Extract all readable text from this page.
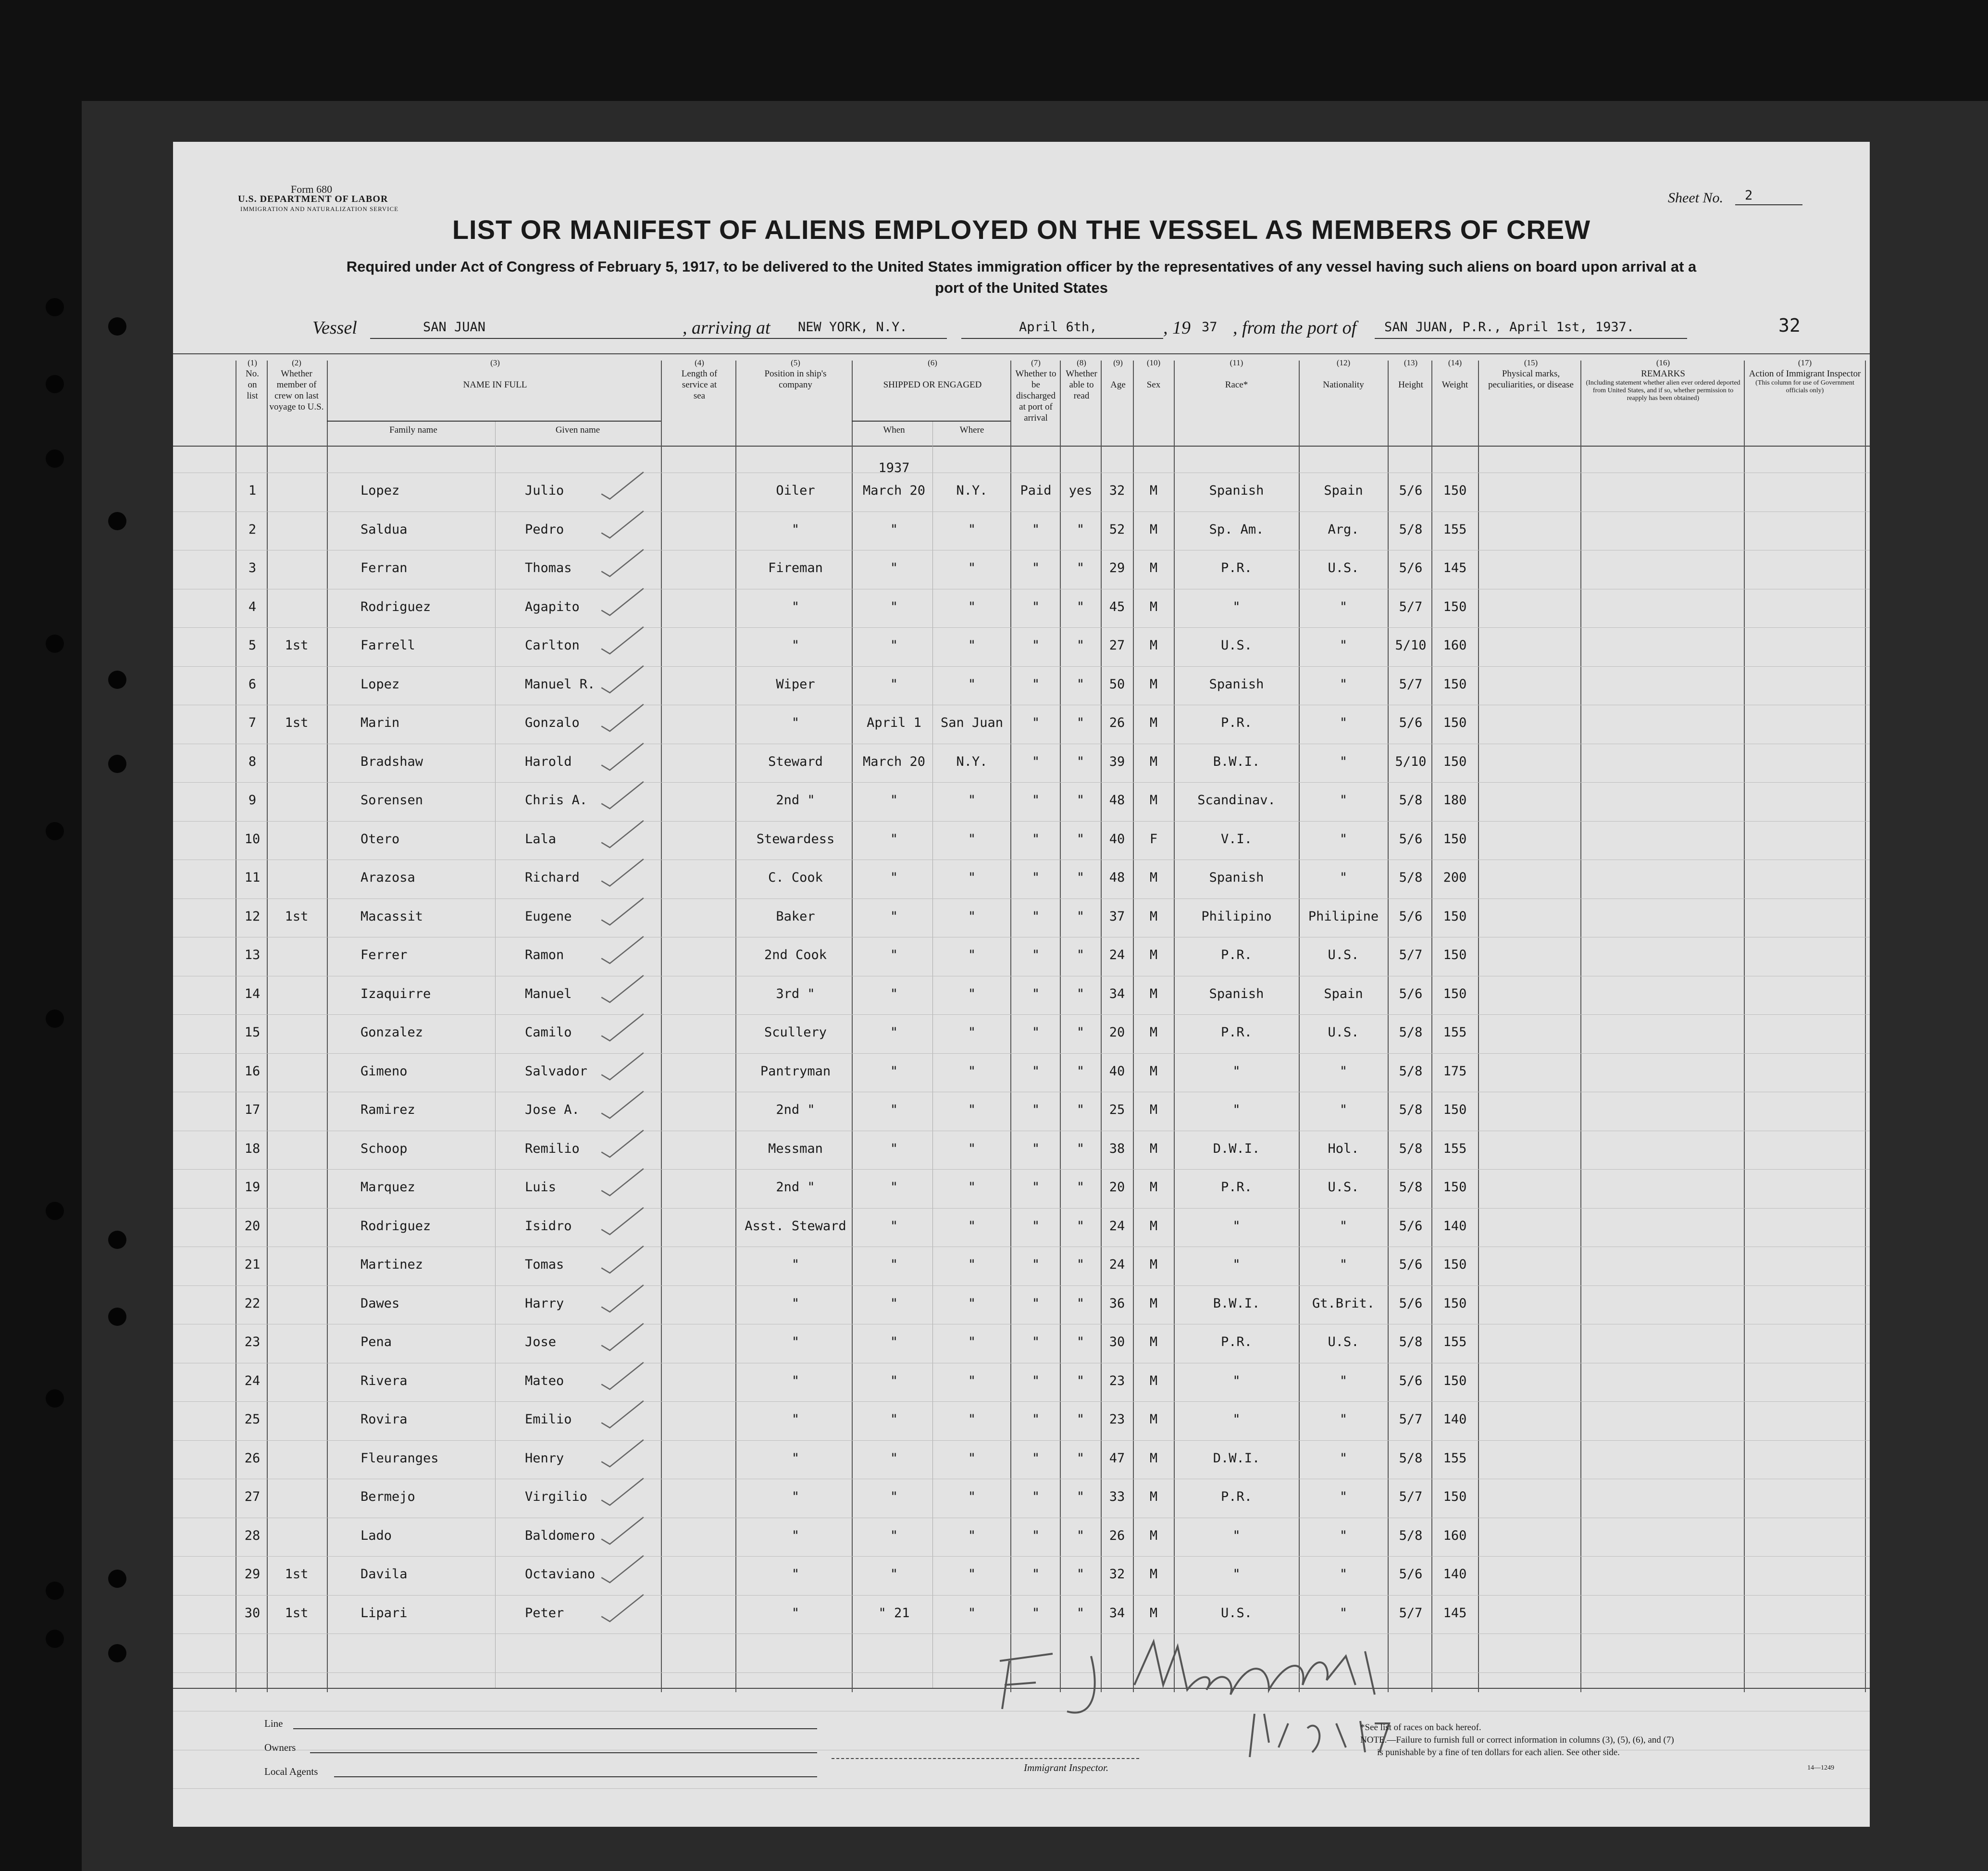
Form 680
U.S. DEPARTMENT OF LABOR
IMMIGRATION AND NATURALIZATION SERVICE
Sheet No. 2
LIST OR MANIFEST OF ALIENS EMPLOYED ON THE VESSEL AS MEMBERS OF CREW
Required under Act of Congress of February 5, 1917, to be delivered to the United States immigration officer by the representatives of any vessel having such aliens on board upon arrival at a
port of the United States
Vessel	SAN JUAN	, arriving at NEW YORK, N.Y.	April 6th,	, 19 37 , from the port of SAN JUAN, P.R., April 1st, 1937.	32
(1)
No. on list
(2)
Whether member of crew on last voyage to U.S.
(3)

NAME IN FULL
Family name	Given name
(4)
Length of service at sea
(5)
Position in ship's company
(6)

SHIPPED OR ENGAGED
When	Where
(7)
Whether to be discharged at port of arrival
(8)
Whether able to read
(9)

Age
(10)

Sex
(11)

Race*
(12)

Nationality
(13)

Height
(14)

Weight
(15)
Physical marks, peculiarities, or disease
(16)
REMARKS
(Including statement whether alien ever ordered deported from United States, and if so, whether permission to reapply has been obtained)
(17)
Action of Immigrant Inspector
(This column for use of Government officials only)
1937
1	Lopez	Julio	Oiler	March 20	N.Y.	Paid	yes	32	M	Spanish	Spain	5/6	150
2	Saldua	Pedro	"	"	"	"	"	52	M	Sp. Am.	Arg.	5/8	155
3	Ferran	Thomas	Fireman	"	"	"	"	29	M	P.R.	U.S.	5/6	145
4	Rodriguez	Agapito	"	"	"	"	"	45	M	"	"	5/7	150
5	1st	Farrell	Carlton	"	"	"	"	"	27	M	U.S.	"	5/10	160
6	Lopez	Manuel R.	Wiper	"	"	"	"	50	M	Spanish	"	5/7	150
7	1st	Marin	Gonzalo	"	April 1	San Juan	"	"	26	M	P.R.	"	5/6	150
8	Bradshaw	Harold	Steward	March 20	N.Y.	"	"	39	M	B.W.I.	"	5/10	150
9	Sorensen	Chris A.	2nd "	"	"	"	"	48	M	Scandinav.	"	5/8	180
10	Otero	Lala	Stewardess	"	"	"	"	40	F	V.I.	"	5/6	150
11	Arazosa	Richard	C. Cook	"	"	"	"	48	M	Spanish	"	5/8	200
12	1st	Macassit	Eugene	Baker	"	"	"	"	37	M	Philipino	Philipine	5/6	150
13	Ferrer	Ramon	2nd Cook	"	"	"	"	24	M	P.R.	U.S.	5/7	150
14	Izaquirre	Manuel	3rd "	"	"	"	"	34	M	Spanish	Spain	5/6	150
15	Gonzalez	Camilo	Scullery	"	"	"	"	20	M	P.R.	U.S.	5/8	155
16	Gimeno	Salvador	Pantryman	"	"	"	"	40	M	"	"	5/8	175
17	Ramirez	Jose A.	2nd "	"	"	"	"	25	M	"	"	5/8	150
18	Schoop	Remilio	Messman	"	"	"	"	38	M	D.W.I.	Hol.	5/8	155
19	Marquez	Luis	2nd "	"	"	"	"	20	M	P.R.	U.S.	5/8	150
20	Rodriguez	Isidro	Asst. Steward	"	"	"	"	24	M	"	"	5/6	140
21	Martinez	Tomas	"	"	"	"	"	24	M	"	"	5/6	150
22	Dawes	Harry	"	"	"	"	"	36	M	B.W.I.	Gt.Brit.	5/6	150
23	Pena	Jose	"	"	"	"	"	30	M	P.R.	U.S.	5/8	155
24	Rivera	Mateo	"	"	"	"	"	23	M	"	"	5/6	150
25	Rovira	Emilio	"	"	"	"	"	23	M	"	"	5/7	140
26	Fleuranges	Henry	"	"	"	"	"	47	M	D.W.I.	"	5/8	155
27	Bermejo	Virgilio	"	"	"	"	"	33	M	P.R.	"	5/7	150
28	Lado	Baldomero	"	"	"	"	"	26	M	"	"	5/8	160
29	1st	Davila	Octaviano	"	"	"	"	"	32	M	"	"	5/6	140
30	1st	Lipari	Peter	"	" 21	"	"	"	34	M	U.S.	"	5/7	145
Line
Owners
Local Agents	Immigrant Inspector.
*See list of races on back hereof.
NOTE.—Failure to furnish full or correct information in columns (3), (5), (6), and (7)
is punishable by a fine of ten dollars for each alien. See other side.
14—1249
